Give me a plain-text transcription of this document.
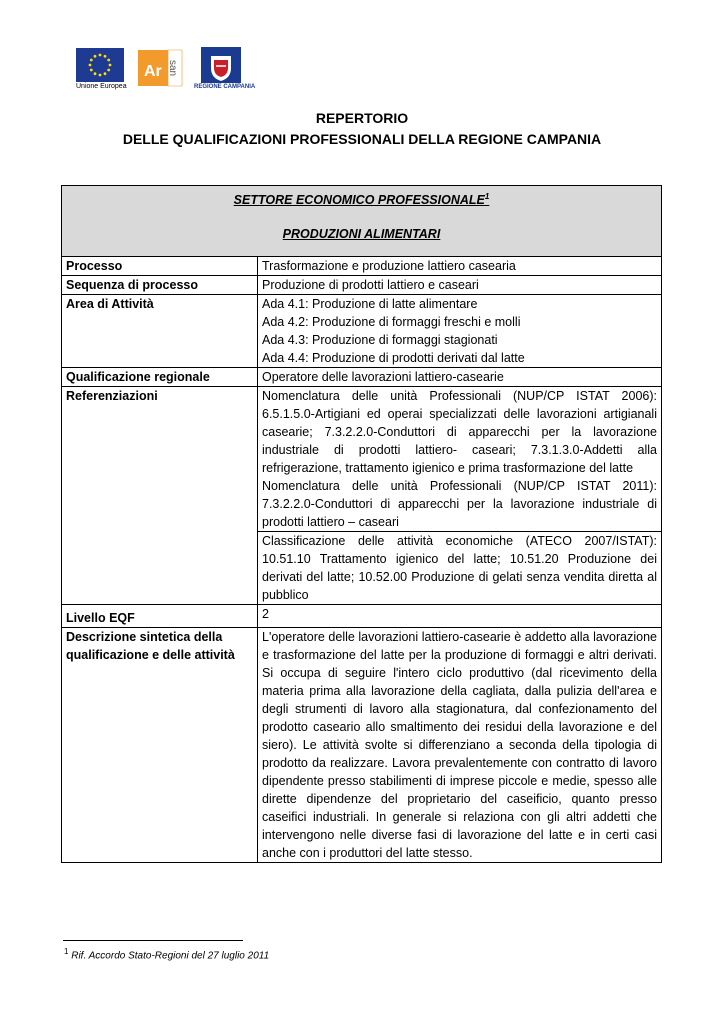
Unione Europea
Ar san
REGIONE CAMPANIA
REPERTORIO
DELLE QUALIFICAZIONI PROFESSIONALI DELLA REGIONE CAMPANIA
SETTORE ECONOMICO PROFESSIONALE$^1$
PRODUZIONI ALIMENTARI	

Processo	Trasformazione e produzione lattiero casearia
Sequenza di processo	Produzione di prodotti lattiero e caseari
Area di Attività	Ada 4.1: Produzione di latte alimentare
Ada 4.2: Produzione di formaggi freschi e molli
Ada 4.3: Produzione di formaggi stagionati
Ada 4.4: Produzione di prodotti derivati dal latte

Qualificazione regionale	Operatore delle lavorazioni lattiero-casearie
Referenziazioni	Nomenclatura delle unità Professionali (NUP/CP ISTAT 2006): 6.5.1.5.0-Artigiani ed operai specializzati delle lavorazioni artigianali casearie; 7.3.2.2.0-Conduttori di apparecchi per la lavorazione industriale di prodotti lattiero- caseari; 7.3.1.3.0-Addetti alla refrigerazione, trattamento igienico e prima trasformazione del latte
Nomenclatura delle unità Professionali (NUP/CP ISTAT 2011): 7.3.2.2.0-Conduttori di apparecchi per la lavorazione industriale di prodotti lattiero – caseari

	Classificazione delle attività economiche (ATECO 2007/ISTAT): 10.51.10 Trattamento igienico del latte; 10.51.20 Produzione dei derivati del latte; 10.52.00 Produzione di gelati senza vendita diretta al pubblico
Livello EQF	2

Descrizione sintetica della
qualificazione e delle attività	L'operatore delle lavorazioni lattiero-casearie è addetto alla lavorazione e trasformazione del latte per la produzione di formaggi e altri derivati. Si occupa di seguire l'intero ciclo produttivo (dal ricevimento della materia prima alla lavorazione della cagliata, dalla pulizia dell'area e degli strumenti di lavoro alla stagionatura, dal confezionamento del prodotto caseario allo smaltimento dei residui della lavorazione e del siero). Le attività svolte si differenziano a seconda della tipologia di prodotto da realizzare. Lavora prevalentemente con contratto di lavoro dipendente presso stabilimenti di imprese piccole e medie, spesso alle dirette dipendenze del proprietario del caseificio, quanto presso caseifici industriali. In generale si relaziona con gli altri addetti che intervengono nelle diverse fasi di lavorazione del latte e in certi casi anche con i produttori del latte stesso.
$^1$ Rif. Accordo Stato-Regioni del 27 luglio 2011
